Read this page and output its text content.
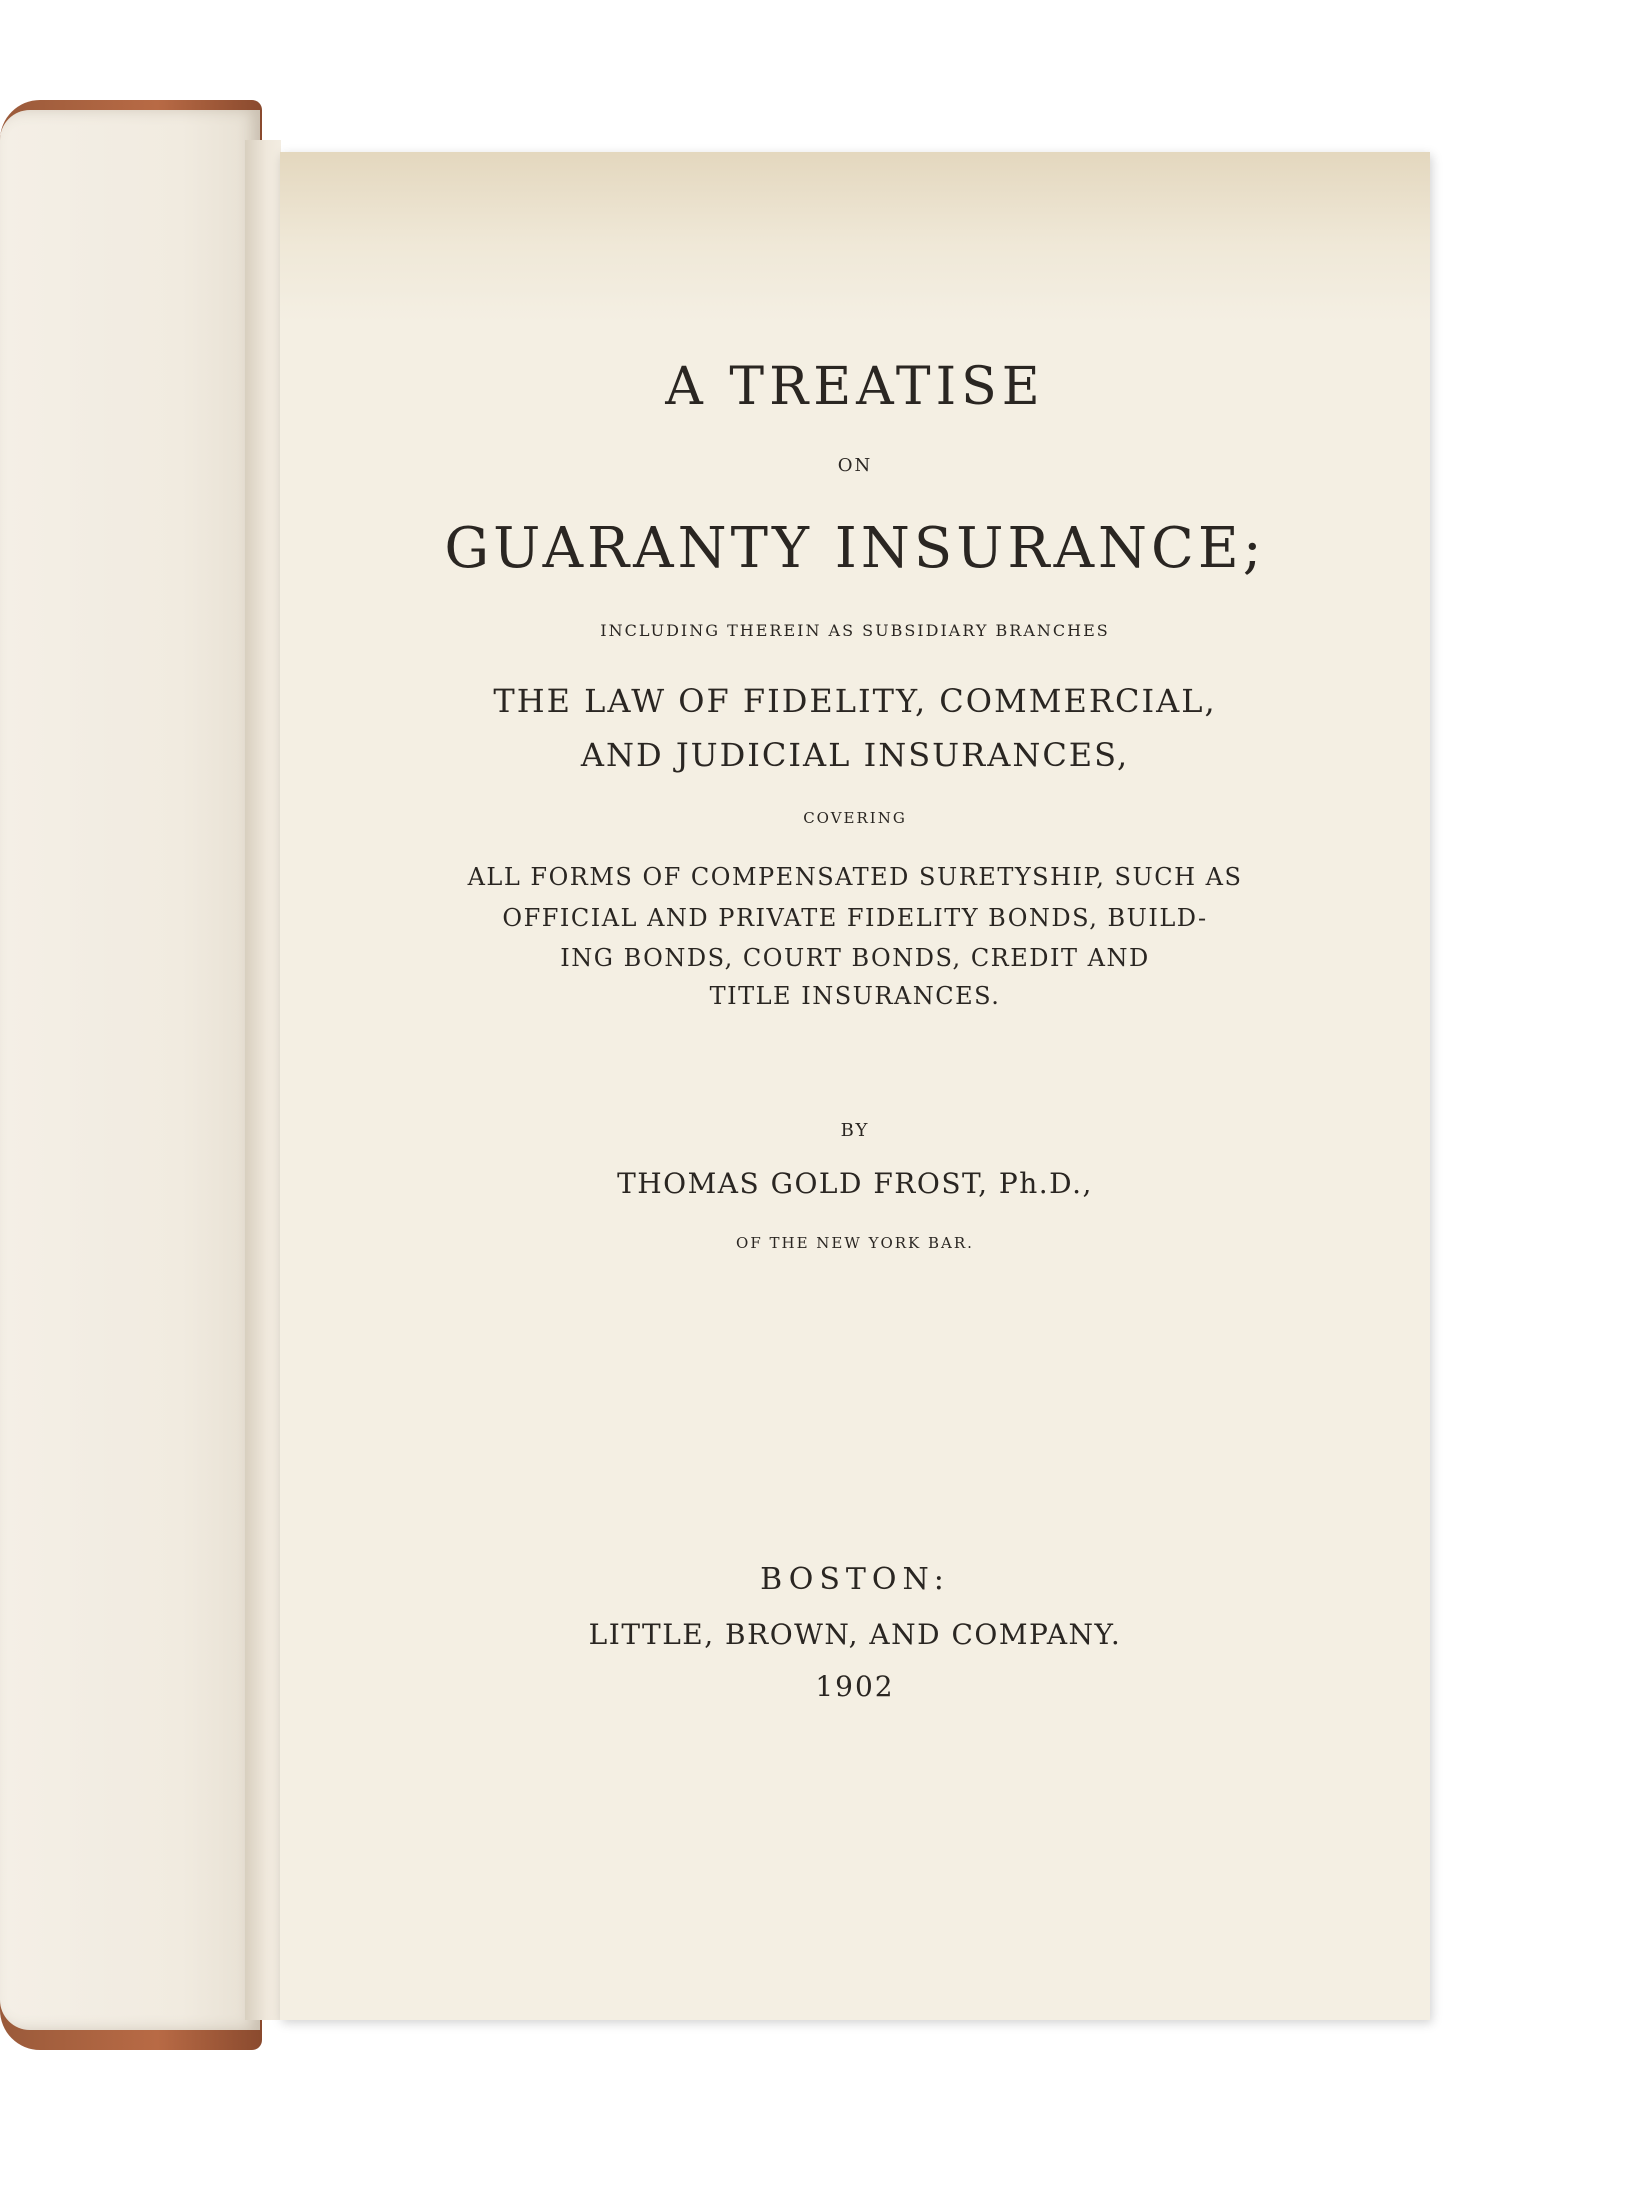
A TREATISE
ON
GUARANTY INSURANCE;
INCLUDING THEREIN AS SUBSIDIARY BRANCHES
THE LAW OF FIDELITY, COMMERCIAL,
AND JUDICIAL INSURANCES,
COVERING
ALL FORMS OF COMPENSATED SURETYSHIP, SUCH AS
OFFICIAL AND PRIVATE FIDELITY BONDS, BUILD-
ING BONDS, COURT BONDS, CREDIT AND
TITLE INSURANCES.
BY
THOMAS GOLD FROST, Ph.D.,
OF THE NEW YORK BAR.
BOSTON:
LITTLE, BROWN, AND COMPANY.
1902
